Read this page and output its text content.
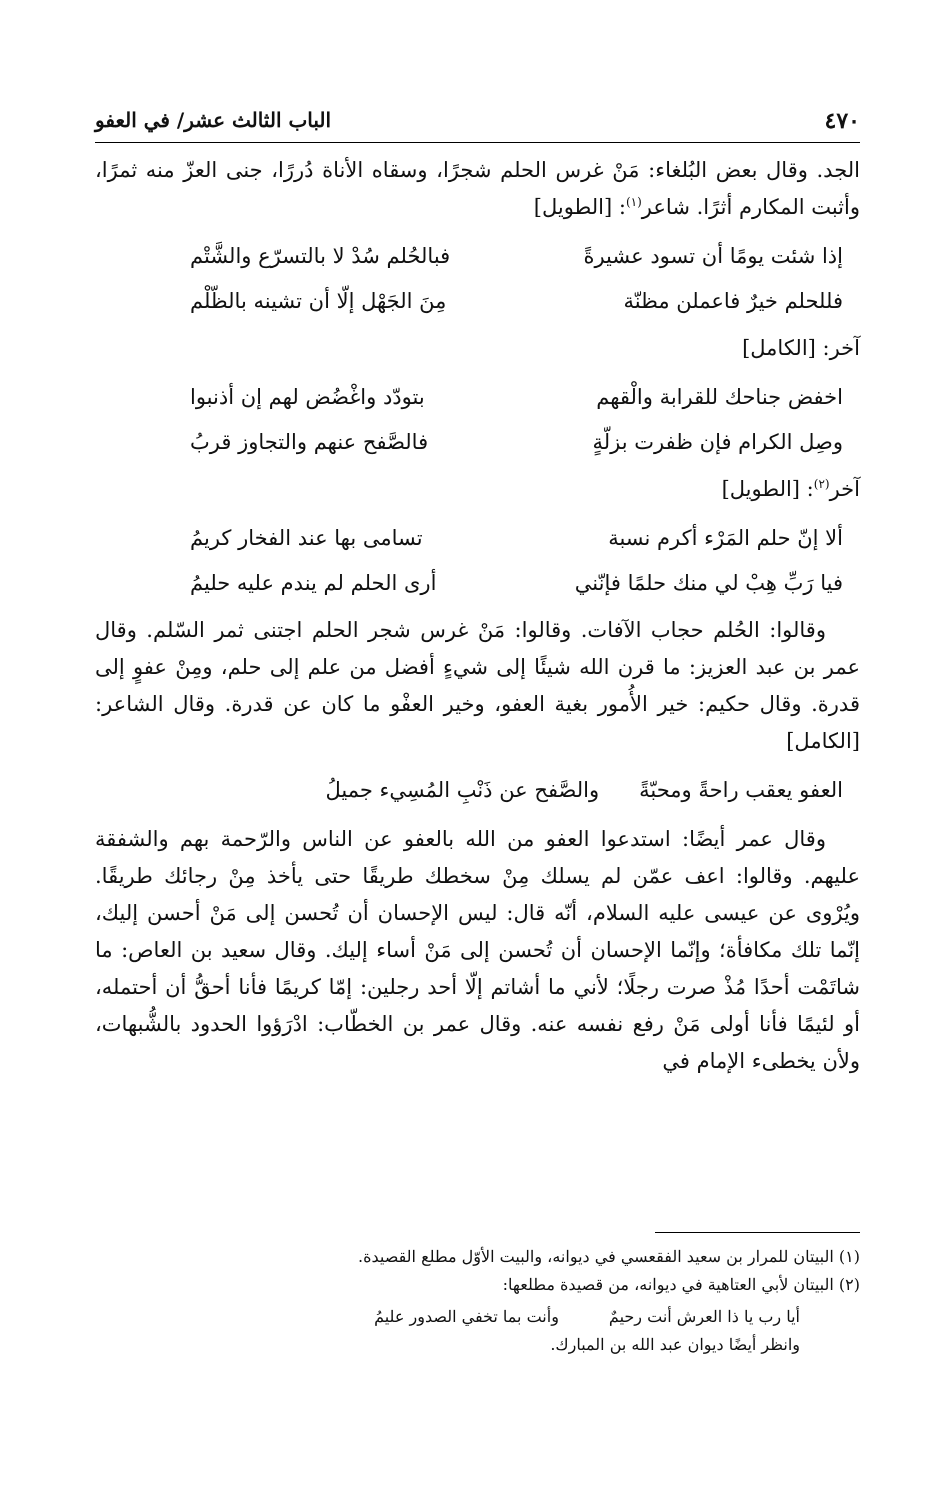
٤٧٠
الباب الثالث عشر/ في العفو

الجد. وقال بعض البُلغاء: مَنْ غرس الحلم شجرًا، وسقاه الأناة دُررًا، جنى العزّ منه ثمرًا، وأثبت المكارم أثرًا. شاعر$^{(١)}$: [الطويل]

إذا شئت يومًا أن تسود عشيرةً
فبالحُلم سُدْ لا بالتسرّع والشَّتْم
فللحلم خيرٌ فاعملن مظنّة
مِنَ الجَهْل إلّا أن تشينه بالظّلْم

آخر: [الكامل]

اخفض جناحك للقرابة والْقهم
بتودّد واغْضُض لهم إن أذنبوا
وصِل الكرام فإن ظفرت بزلّةٍ
فالصَّفح عنهم والتجاوز قربُ

آخر$^{(٢)}$: [الطويل]

ألا إنّ حلم المَرْء أكرم نسبة
تسامى بها عند الفخار كريمُ
فيا رَبِّ هِبْ لي منك حلمًا فإنّني
أرى الحلم لم يندم عليه حليمُ

وقالوا: الحُلم حجاب الآفات. وقالوا: مَنْ غرس شجر الحلم اجتنى ثمر السّلم. وقال عمر بن عبد العزيز: ما قرن الله شيئًا إلى شيءٍ أفضل من علم إلى حلم، ومِنْ عفوٍ إلى قدرة. وقال حكيم: خير الأُمور بغية العفو، وخير العفْو ما كان عن قدرة. وقال الشاعر: [الكامل]

العفو يعقب راحةً ومحبّةً
والصَّفح عن ذَنْبِ المُسِيء جميلُ

وقال عمر أيضًا: استدعوا العفو من الله بالعفو عن الناس والرّحمة بهم والشفقة عليهم. وقالوا: اعف عمّن لم يسلك مِنْ سخطك طريقًا حتى يأخذ مِنْ رجائك طريقًا. ويُرْوى عن عيسى عليه السلام، أنّه قال: ليس الإحسان أن تُحسن إلى مَنْ أحسن إليك، إنّما تلك مكافأة؛ وإنّما الإحسان أن تُحسن إلى مَنْ أساء إليك. وقال سعيد بن العاص: ما شاتَمْت أحدًا مُذْ صرت رجلًا؛ لأني ما أشاتم إلّا أحد رجلين: إمّا كريمًا فأنا أحقُّ أن أحتمله، أو لئيمًا فأنا أولى مَنْ رفع نفسه عنه. وقال عمر بن الخطّاب: ادْرَؤوا الحدود بالشُّبهات، ولأن يخطىء الإمام في

(١) البيتان للمرار بن سعيد الفقعسي في ديوانه، والبيت الأوّل مطلع القصيدة.

(٢) البيتان لأبي العتاهية في ديوانه، من قصيدة مطلعها:

أيا رب يا ذا العرش أنت رحيمٌ
وأنت بما تخفي الصدور عليمُ

وانظر أيضًا ديوان عبد الله بن المبارك.
